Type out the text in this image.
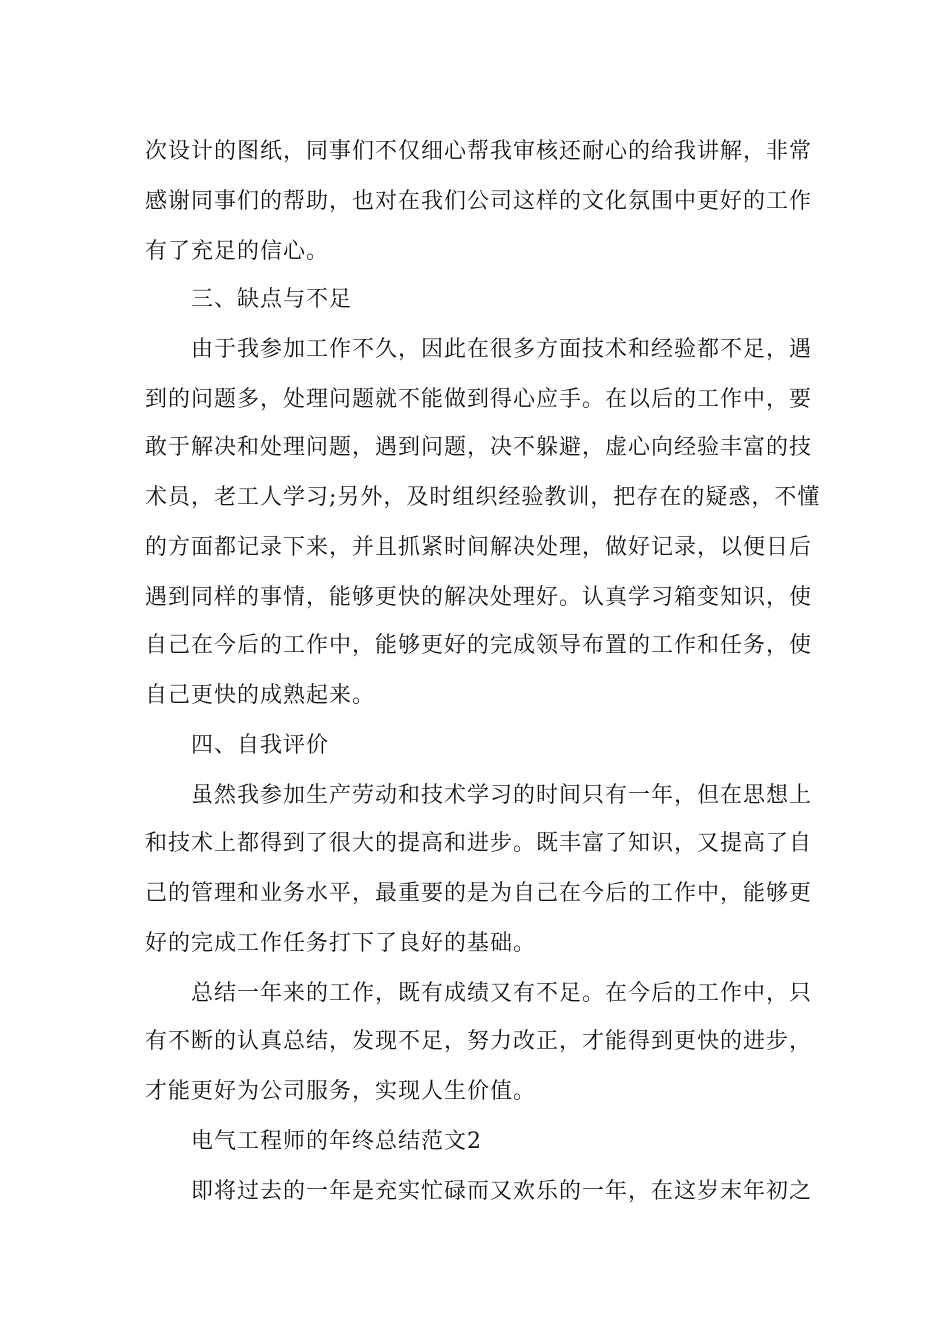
次设计的图纸，同事们不仅细心帮我审核还耐心的给我讲解，非常
感谢同事们的帮助，也对在我们公司这样的文化氛围中更好的工作
有了充足的信心。
三、缺点与不足
由于我参加工作不久，因此在很多方面技术和经验都不足，遇
到的问题多，处理问题就不能做到得心应手。在以后的工作中，要
敢于解决和处理问题，遇到问题，决不躲避，虚心向经验丰富的技
术员，老工人学习;另外，及时组织经验教训，把存在的疑惑，不懂
的方面都记录下来，并且抓紧时间解决处理，做好记录，以便日后
遇到同样的事情，能够更快的解决处理好。认真学习箱变知识，使
自己在今后的工作中，能够更好的完成领导布置的工作和任务，使
自己更快的成熟起来。
四、自我评价
虽然我参加生产劳动和技术学习的时间只有一年，但在思想上
和技术上都得到了很大的提高和进步。既丰富了知识，又提高了自
己的管理和业务水平，最重要的是为自己在今后的工作中，能够更
好的完成工作任务打下了良好的基础。
总结一年来的工作，既有成绩又有不足。在今后的工作中，只
有不断的认真总结，发现不足，努力改正，才能得到更快的进步，
才能更好为公司服务，实现人生价值。
电气工程师的年终总结范文2
即将过去的一年是充实忙碌而又欢乐的一年，在这岁末年初之
